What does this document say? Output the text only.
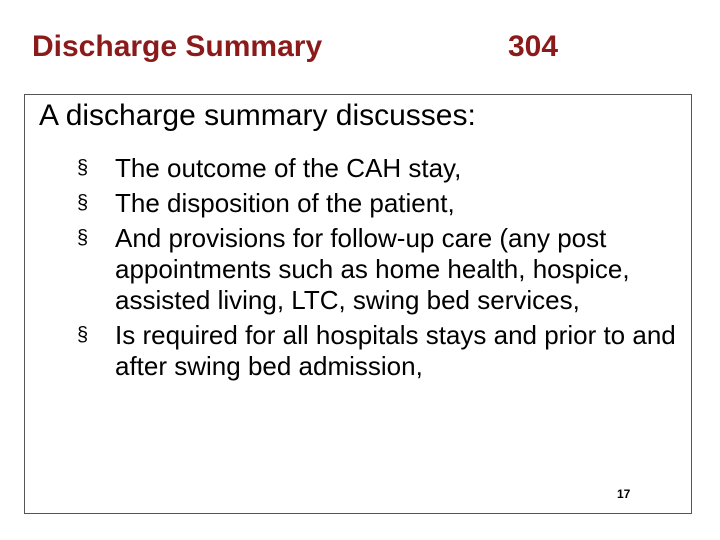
Discharge Summary	304
A discharge summary discusses:
§ The outcome of the CAH stay,
§ The disposition of the patient,
§ And provisions for follow-up care (any post appointments such as home health, hospice, assisted living, LTC, swing bed services,
§ Is required for all hospitals stays and prior to and after swing bed admission,
17
